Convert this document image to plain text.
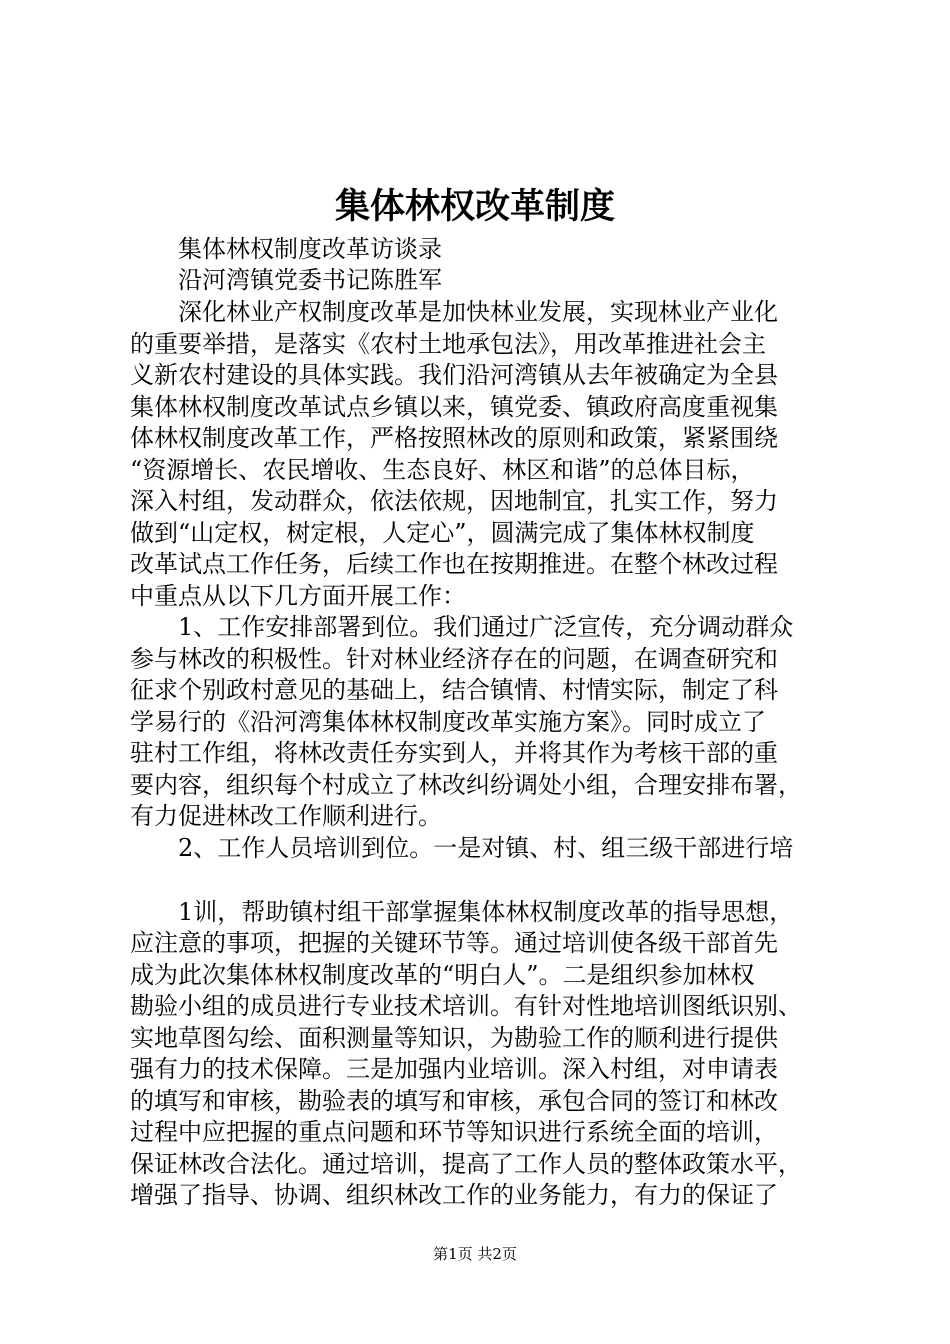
集体林权改革制度
　　集体林权制度改革访谈录
　　沿河湾镇党委书记陈胜军
　　深化林业产权制度改革是加快林业发展，实现林业产业化
的重要举措，是落实《农村土地承包法》，用改革推进社会主
义新农村建设的具体实践。我们沿河湾镇从去年被确定为全县
集体林权制度改革试点乡镇以来，镇党委、镇政府高度重视集
体林权制度改革工作，严格按照林改的原则和政策，紧紧围绕
“资源增长、农民增收、生态良好、林区和谐”的总体目标，
深入村组，发动群众，依法依规，因地制宜，扎实工作，努力
做到“山定权，树定根，人定心”，圆满完成了集体林权制度
改革试点工作任务，后续工作也在按期推进。在整个林改过程
中重点从以下几方面开展工作：
　　1、工作安排部署到位。我们通过广泛宣传，充分调动群众
参与林改的积极性。针对林业经济存在的问题，在调查研究和
征求个别政村意见的基础上，结合镇情、村情实际，制定了科
学易行的《沿河湾集体林权制度改革实施方案》。同时成立了
驻村工作组，将林改责任夯实到人，并将其作为考核干部的重
要内容，组织每个村成立了林改纠纷调处小组，合理安排布署，
有力促进林改工作顺利进行。
　　2、工作人员培训到位。一是对镇、村、组三级干部进行培
　　1训，帮助镇村组干部掌握集体林权制度改革的指导思想，
应注意的事项，把握的关键环节等。通过培训使各级干部首先
成为此次集体林权制度改革的“明白人”。二是组织参加林权
勘验小组的成员进行专业技术培训。有针对性地培训图纸识别、
实地草图勾绘、面积测量等知识，为勘验工作的顺利进行提供
强有力的技术保障。三是加强内业培训。深入村组，对申请表
的填写和审核，勘验表的填写和审核，承包合同的签订和林改
过程中应把握的重点问题和环节等知识进行系统全面的培训，
保证林改合法化。通过培训，提高了工作人员的整体政策水平，
增强了指导、协调、组织林改工作的业务能力，有力的保证了
第1页 共2页
